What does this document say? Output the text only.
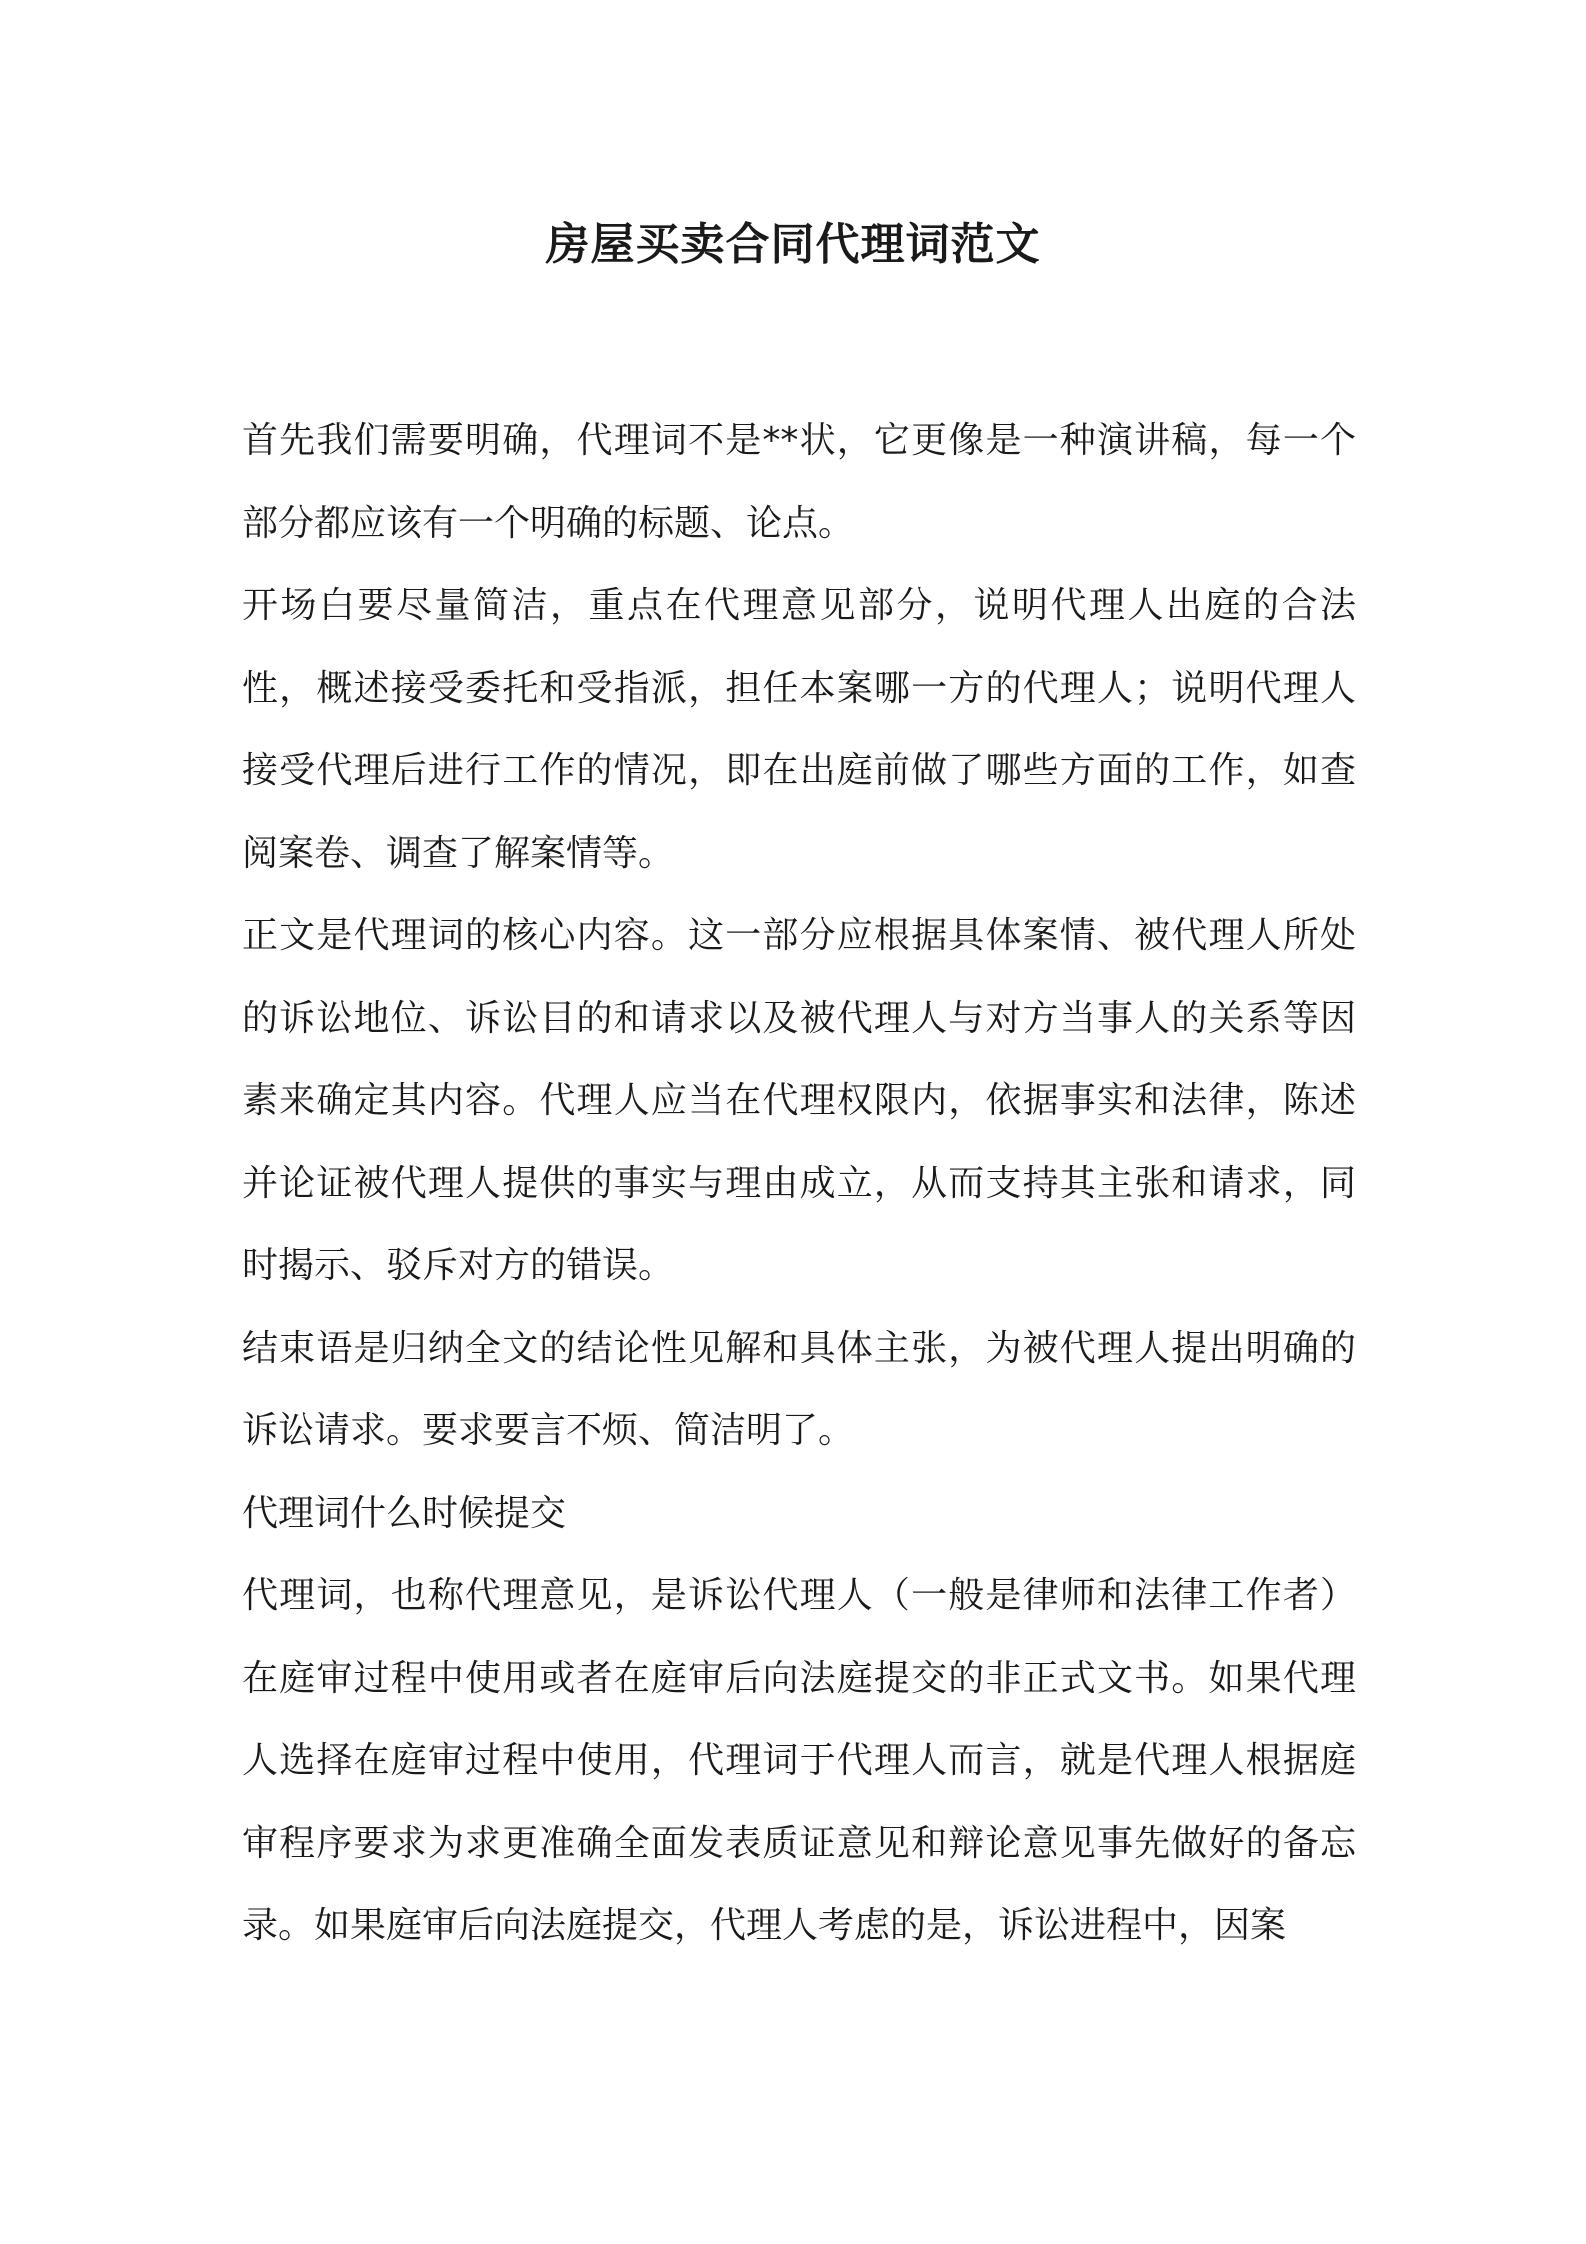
房屋买卖合同代理词范文

首先我们需要明确，代理词不是**状，它更像是一种演讲稿，每一个部分都应该有一个明确的标题、论点。

开场白要尽量简洁，重点在代理意见部分，说明代理人出庭的合法性，概述接受委托和受指派，担任本案哪一方的代理人；说明代理人接受代理后进行工作的情况，即在出庭前做了哪些方面的工作，如查阅案卷、调查了解案情等。

正文是代理词的核心内容。这一部分应根据具体案情、被代理人所处的诉讼地位、诉讼目的和请求以及被代理人与对方当事人的关系等因素来确定其内容。代理人应当在代理权限内，依据事实和法律，陈述并论证被代理人提供的事实与理由成立，从而支持其主张和请求，同时揭示、驳斥对方的错误。

结束语是归纳全文的结论性见解和具体主张，为被代理人提出明确的诉讼请求。要求要言不烦、简洁明了。

代理词什么时候提交

代理词，也称代理意见，是诉讼代理人（一般是律师和法律工作者）在庭审过程中使用或者在庭审后向法庭提交的非正式文书。如果代理人选择在庭审过程中使用，代理词于代理人而言，就是代理人根据庭审程序要求为求更准确全面发表质证意见和辩论意见事先做好的备忘录。如果庭审后向法庭提交，代理人考虑的是，诉讼进程中，因案
